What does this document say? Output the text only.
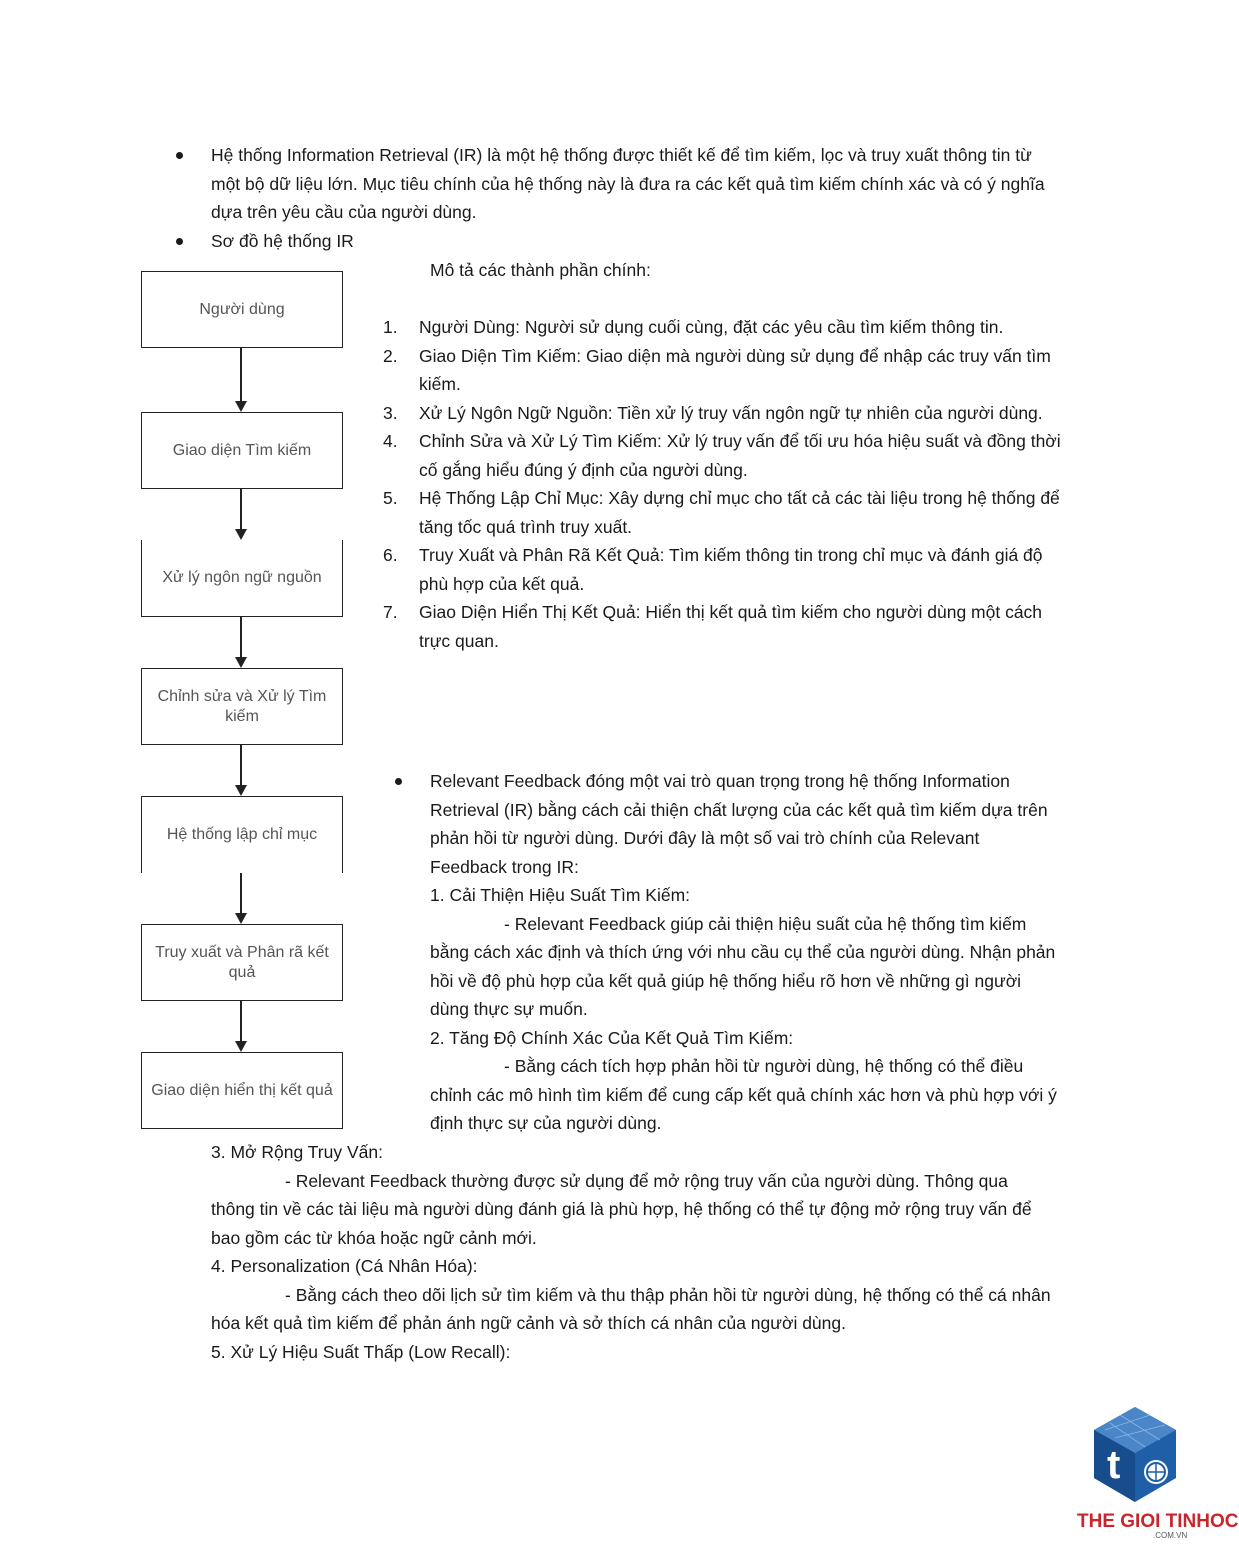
Hệ thống Information Retrieval (IR) là một hệ thống được thiết kế để tìm kiếm, lọc và truy xuất thông tin từ một bộ dữ liệu lớn. Mục tiêu chính của hệ thống này là đưa ra các kết quả tìm kiếm chính xác và có ý nghĩa dựa trên yêu cầu của người dùng.
Sơ đồ hệ thống IR
Người dùng
Giao diện Tìm kiếm
Xử lý ngôn ngữ nguồn
Chỉnh sửa và Xử lý Tìm kiếm
Hệ thống lập chỉ mục
Truy xuất và Phân rã kết quả
Giao diện hiển thị kết quả
Mô tả các thành phần chính:
1. Người Dùng: Người sử dụng cuối cùng, đặt các yêu cầu tìm kiếm thông tin.
2. Giao Diện Tìm Kiếm: Giao diện mà người dùng sử dụng để nhập các truy vấn tìm kiếm.
3. Xử Lý Ngôn Ngữ Nguồn: Tiền xử lý truy vấn ngôn ngữ tự nhiên của người dùng.
4. Chỉnh Sửa và Xử Lý Tìm Kiếm: Xử lý truy vấn để tối ưu hóa hiệu suất và đồng thời cố gắng hiểu đúng ý định của người dùng.
5. Hệ Thống Lập Chỉ Mục: Xây dựng chỉ mục cho tất cả các tài liệu trong hệ thống để tăng tốc quá trình truy xuất.
6. Truy Xuất và Phân Rã Kết Quả: Tìm kiếm thông tin trong chỉ mục và đánh giá độ phù hợp của kết quả.
7. Giao Diện Hiển Thị Kết Quả: Hiển thị kết quả tìm kiếm cho người dùng một cách trực quan.
Relevant Feedback đóng một vai trò quan trọng trong hệ thống Information Retrieval (IR) bằng cách cải thiện chất lượng của các kết quả tìm kiếm dựa trên phản hồi từ người dùng. Dưới đây là một số vai trò chính của Relevant Feedback trong IR:
1. Cải Thiện Hiệu Suất Tìm Kiếm:
- Relevant Feedback giúp cải thiện hiệu suất của hệ thống tìm kiếm bằng cách xác định và thích ứng với nhu cầu cụ thể của người dùng. Nhận phản hồi về độ phù hợp của kết quả giúp hệ thống hiểu rõ hơn về những gì người dùng thực sự muốn.
2. Tăng Độ Chính Xác Của Kết Quả Tìm Kiếm:
- Bằng cách tích hợp phản hồi từ người dùng, hệ thống có thể điều chỉnh các mô hình tìm kiếm để cung cấp kết quả chính xác hơn và phù hợp với ý định thực sự của người dùng.
3. Mở Rộng Truy Vấn:
- Relevant Feedback thường được sử dụng để mở rộng truy vấn của người dùng. Thông qua thông tin về các tài liệu mà người dùng đánh giá là phù hợp, hệ thống có thể tự động mở rộng truy vấn để bao gồm các từ khóa hoặc ngữ cảnh mới.
4. Personalization (Cá Nhân Hóa):
- Bằng cách theo dõi lịch sử tìm kiếm và thu thập phản hồi từ người dùng, hệ thống có thể cá nhân hóa kết quả tìm kiếm để phản ánh ngữ cảnh và sở thích cá nhân của người dùng.
5. Xử Lý Hiệu Suất Thấp (Low Recall):
t
THE GIOI TINHOC
.COM.VN
